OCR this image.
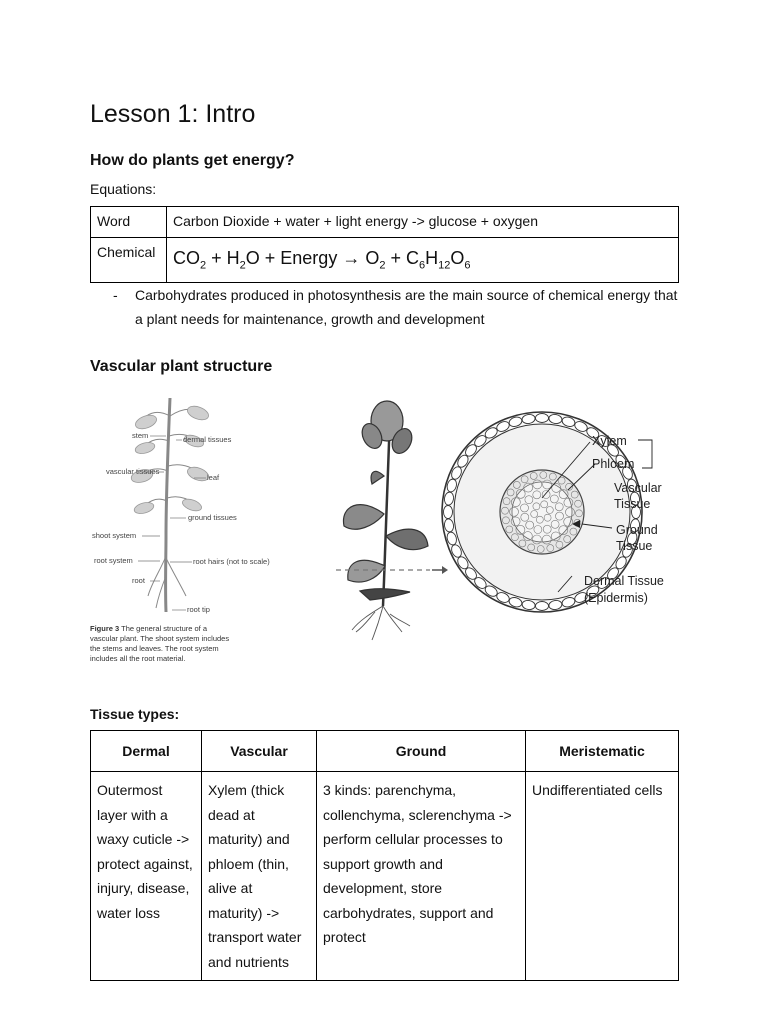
Lesson 1: Intro
How do plants get energy?

Equations:

Word	Carbon Dioxide + water + light energy -> glucose + oxygen
Chemical	$CO_2 + H_2O$ + Energy → $O_2 + C_6H_{12}O_6$
- Carbohydrates produced in photosynthesis are the main source of chemical energy that a plant needs for maintenance, growth and development
Vascular plant structure
stem	dermal tissues
vascular tissues
leaf
ground tissues
shoot system
root system	root hairs (not to scale)
root
root tip
Figure 3 The general structure of a vascular plant. The shoot system includes the stems and leaves. The root system includes all the root material.
Xylem
Phloem
Vascular
Tissue
Ground
Tissue
Dermal Tissue
(Epidermis)
Tissue types:
Dermal	Vascular	Ground	Meristematic
Outermost layer with a waxy cuticle -> protect against, injury, disease, water loss	Xylem (thick dead at maturity) and phloem (thin, alive at maturity) -> transport water and nutrients	3 kinds: parenchyma, collenchyma, sclerenchyma -> perform cellular processes to support growth and development, store carbohydrates, support and protect	Undifferentiated cells
